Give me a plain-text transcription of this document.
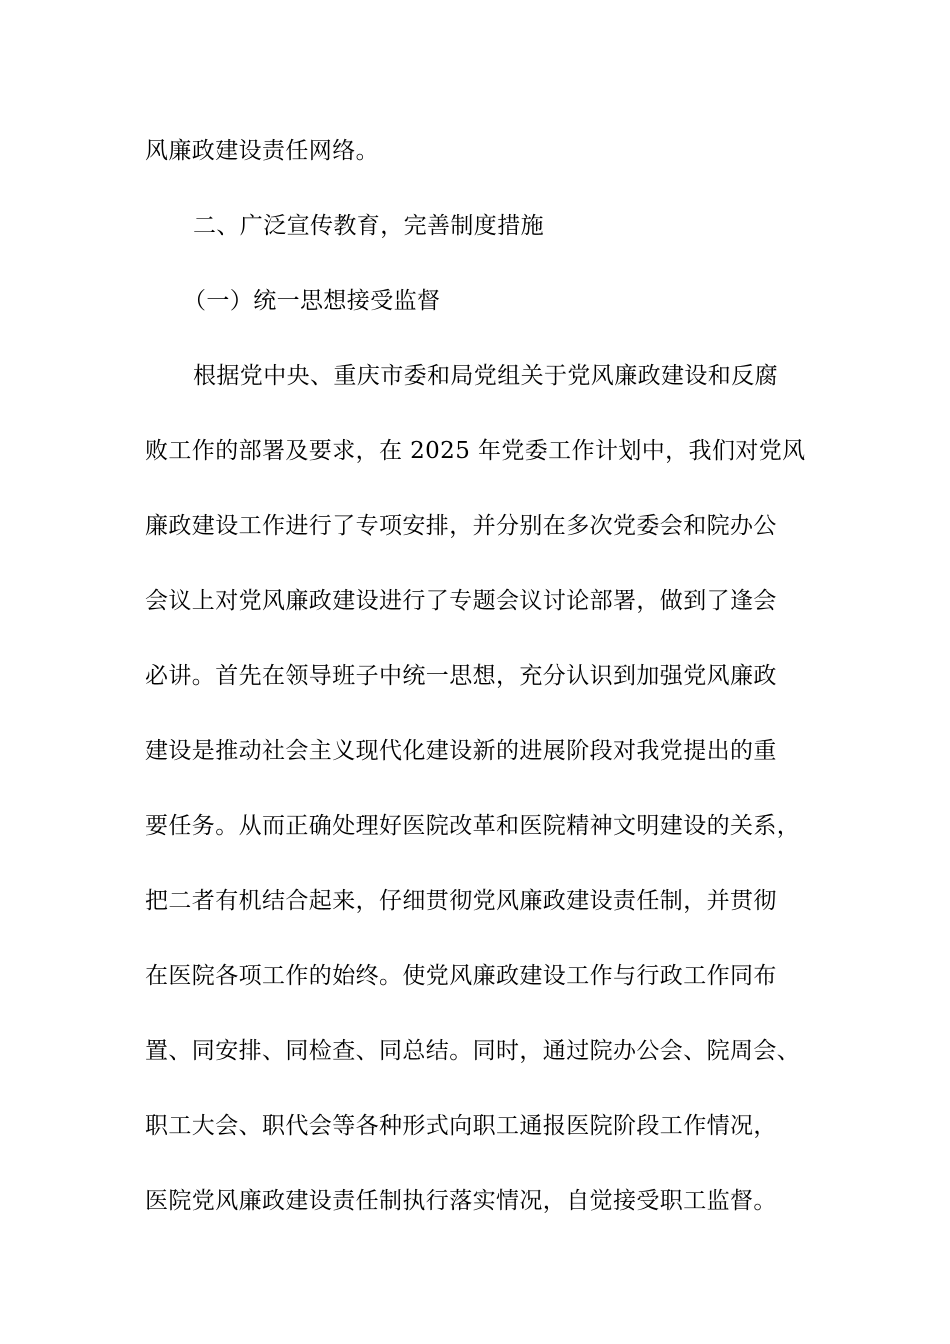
风廉政建设责任网络。
二、广泛宣传教育，完善制度措施
（一）统一思想接受监督
根据党中央、重庆市委和局党组关于党风廉政建设和反腐
败工作的部署及要求，在 2025 年党委工作计划中，我们对党风
廉政建设工作进行了专项安排，并分别在多次党委会和院办公
会议上对党风廉政建设进行了专题会议讨论部署，做到了逢会
必讲。首先在领导班子中统一思想，充分认识到加强党风廉政
建设是推动社会主义现代化建设新的进展阶段对我党提出的重
要任务。从而正确处理好医院改革和医院精神文明建设的关系，
把二者有机结合起来，仔细贯彻党风廉政建设责任制，并贯彻
在医院各项工作的始终。使党风廉政建设工作与行政工作同布
置、同安排、同检查、同总结。同时，通过院办公会、院周会、
职工大会、职代会等各种形式向职工通报医院阶段工作情况，
医院党风廉政建设责任制执行落实情况，自觉接受职工监督。
